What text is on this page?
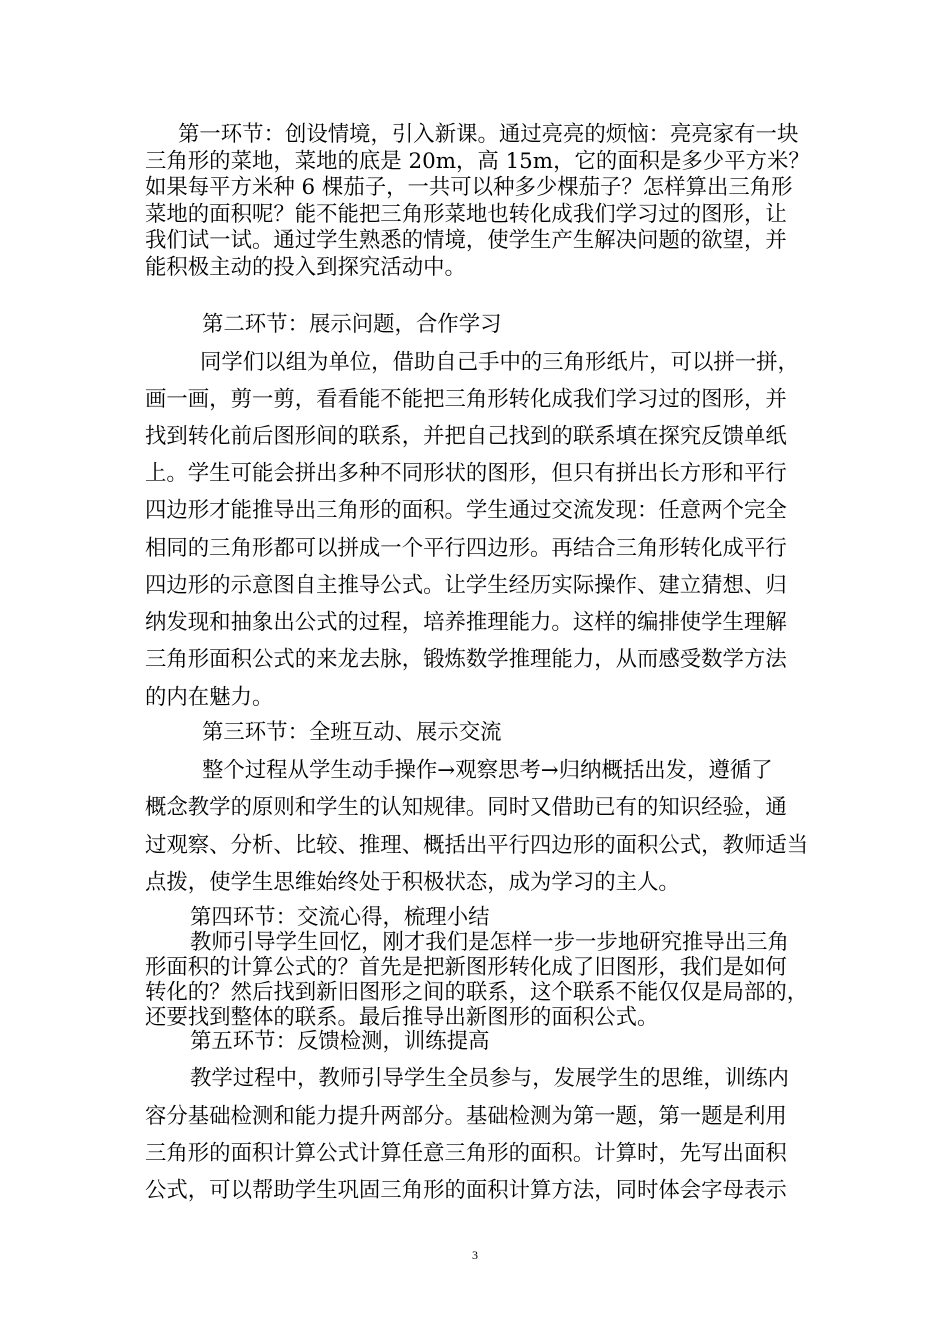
第一环节：创设情境，引入新课。通过亮亮的烦恼：亮亮家有一块

三角形的菜地，菜地的底是 20m，高 15m，它的面积是多少平方米？

如果每平方米种 6 棵茄子，一共可以种多少棵茄子？怎样算出三角形

菜地的面积呢？能不能把三角形菜地也转化成我们学习过的图形，让

我们试一试。通过学生熟悉的情境，使学生产生解决问题的欲望，并

能积极主动的投入到探究活动中。

第二环节：展示问题，合作学习

同学们以组为单位，借助自己手中的三角形纸片，可以拼一拼，

画一画，剪一剪，看看能不能把三角形转化成我们学习过的图形，并

找到转化前后图形间的联系，并把自己找到的联系填在探究反馈单纸

上。学生可能会拼出多种不同形状的图形，但只有拼出长方形和平行

四边形才能推导出三角形的面积。学生通过交流发现：任意两个完全

相同的三角形都可以拼成一个平行四边形。再结合三角形转化成平行

四边形的示意图自主推导公式。让学生经历实际操作、建立猜想、归

纳发现和抽象出公式的过程，培养推理能力。这样的编排使学生理解

三角形面积公式的来龙去脉，锻炼数学推理能力，从而感受数学方法

的内在魅力。

第三环节：全班互动、展示交流

整个过程从学生动手操作→观察思考→归纳概括出发，遵循了

概念教学的原则和学生的认知规律。同时又借助已有的知识经验，通

过观察、分析、比较、推理、概括出平行四边形的面积公式，教师适当

点拨，使学生思维始终处于积极状态，成为学习的主人。

第四环节：交流心得，梳理小结

教师引导学生回忆，刚才我们是怎样一步一步地研究推导出三角

形面积的计算公式的？首先是把新图形转化成了旧图形，我们是如何

转化的？然后找到新旧图形之间的联系，这个联系不能仅仅是局部的，

还要找到整体的联系。最后推导出新图形的面积公式。

第五环节：反馈检测，训练提高

教学过程中，教师引导学生全员参与，发展学生的思维，训练内

容分基础检测和能力提升两部分。基础检测为第一题，第一题是利用

三角形的面积计算公式计算任意三角形的面积。计算时，先写出面积

公式，可以帮助学生巩固三角形的面积计算方法，同时体会字母表示

3
